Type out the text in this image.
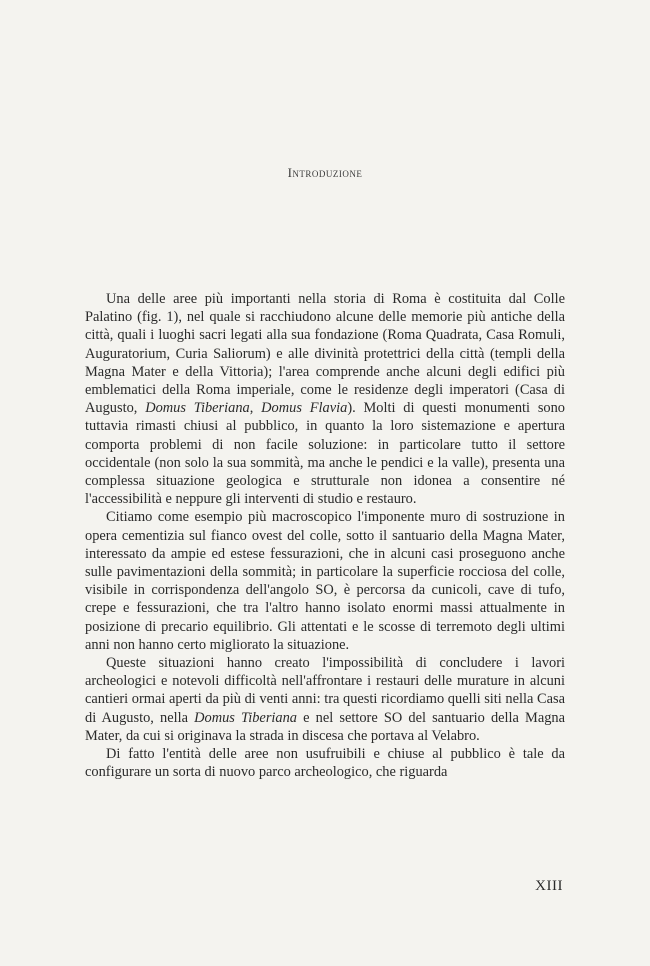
Introduzione

Una delle aree più importanti nella storia di Roma è costituita dal Colle Palatino (fig. 1), nel quale si racchiudono alcune delle memorie più antiche della città, quali i luoghi sacri legati alla sua fondazione (Roma Quadrata, Casa Romuli, Auguratorium, Curia Saliorum) e alle divinità protettrici della città (templi della Magna Mater e della Vittoria); l'area comprende anche alcuni degli edifici più emblematici della Roma imperiale, come le residenze degli imperatori (Casa di Augusto, Domus Tiberiana, Domus Flavia). Molti di questi monumenti sono tuttavia rimasti chiusi al pubblico, in quanto la loro sistemazione e apertura comporta problemi di non facile soluzione: in particolare tutto il settore occidentale (non solo la sua sommità, ma anche le pendici e la valle), presenta una complessa situazione geologica e strutturale non idonea a consentire né l'accessibilità e neppure gli interventi di studio e restauro.

Citiamo come esempio più macroscopico l'imponente muro di sostruzione in opera cementizia sul fianco ovest del colle, sotto il santuario della Magna Mater, interessato da ampie ed estese fessurazioni, che in alcuni casi proseguono anche sulle pavimentazioni della sommità; in particolare la superficie rocciosa del colle, visibile in corrispondenza dell'angolo SO, è percorsa da cunicoli, cave di tufo, crepe e fessurazioni, che tra l'altro hanno isolato enormi massi attualmente in posizione di precario equilibrio. Gli attentati e le scosse di terremoto degli ultimi anni non hanno certo migliorato la situazione.

Queste situazioni hanno creato l'impossibilità di concludere i lavori archeologici e notevoli difficoltà nell'affrontare i restauri delle murature in alcuni cantieri ormai aperti da più di venti anni: tra questi ricordiamo quelli siti nella Casa di Augusto, nella Domus Tiberiana e nel settore SO del santuario della Magna Mater, da cui si originava la strada in discesa che portava al Velabro.

Di fatto l'entità delle aree non usufruibili e chiuse al pubblico è tale da configurare un sorta di nuovo parco archeologico, che riguarda

XIII
